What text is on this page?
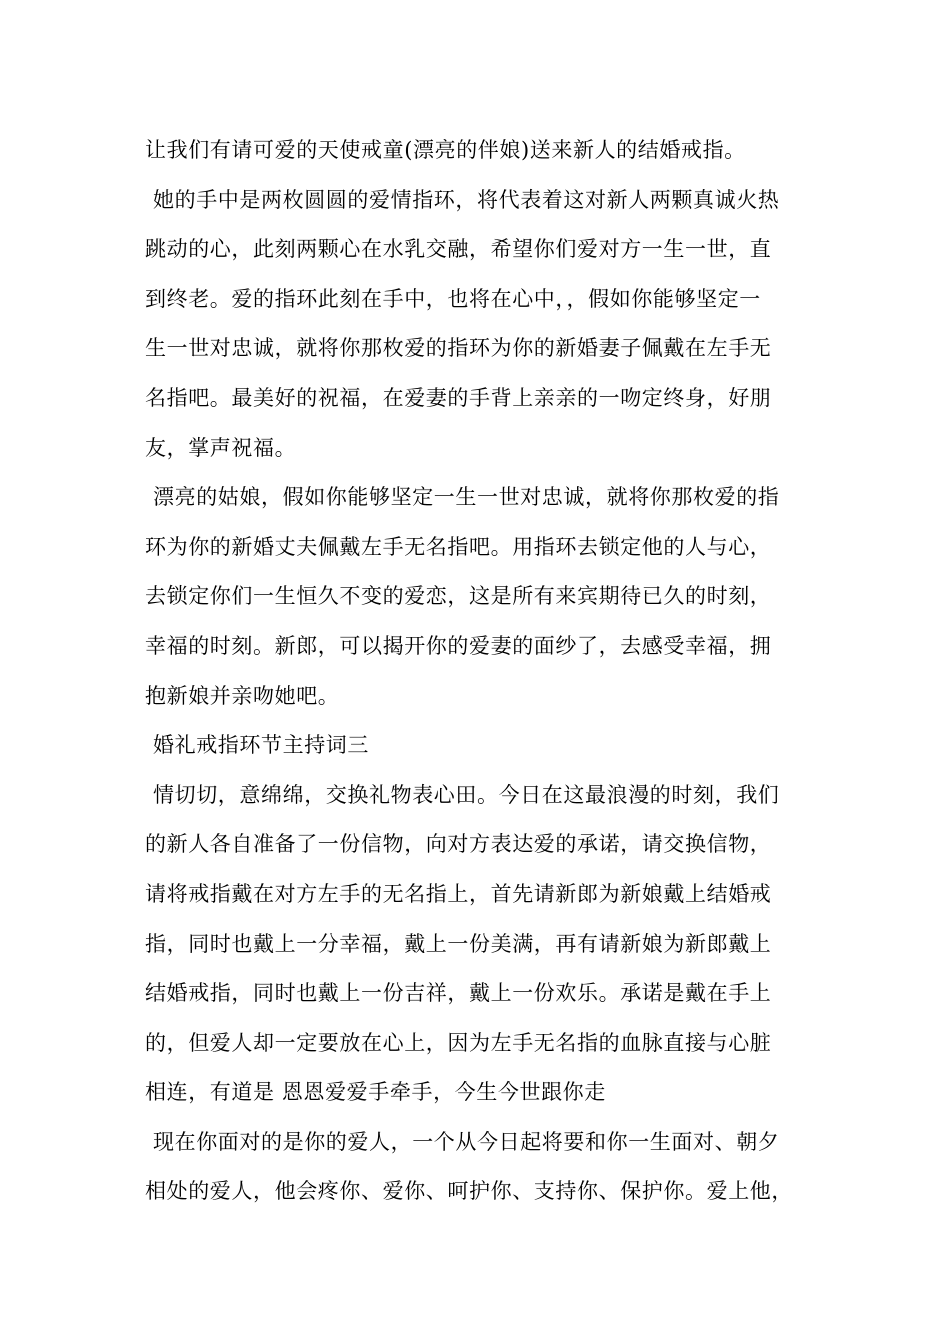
让我们有请可爱的天使戒童(漂亮的伴娘)送来新人的结婚戒指。
她的手中是两枚圆圆的爱情指环，将代表着这对新人两颗真诚火热
跳动的心，此刻两颗心在水乳交融，希望你们爱对方一生一世，直
到终老。爱的指环此刻在手中，也将在心中，，假如你能够坚定一
生一世对忠诚，就将你那枚爱的指环为你的新婚妻子佩戴在左手无
名指吧。最美好的祝福，在爱妻的手背上亲亲的一吻定终身，好朋
友，掌声祝福。
漂亮的姑娘，假如你能够坚定一生一世对忠诚，就将你那枚爱的指
环为你的新婚丈夫佩戴左手无名指吧。用指环去锁定他的人与心，
去锁定你们一生恒久不变的爱恋，这是所有来宾期待已久的时刻，
幸福的时刻。新郎，可以揭开你的爱妻的面纱了，去感受幸福，拥
抱新娘并亲吻她吧。
婚礼戒指环节主持词三
情切切，意绵绵，交换礼物表心田。今日在这最浪漫的时刻，我们
的新人各自准备了一份信物，向对方表达爱的承诺，请交换信物，
请将戒指戴在对方左手的无名指上，首先请新郎为新娘戴上结婚戒
指，同时也戴上一分幸福，戴上一份美满，再有请新娘为新郎戴上
结婚戒指，同时也戴上一份吉祥，戴上一份欢乐。承诺是戴在手上
的，但爱人却一定要放在心上，因为左手无名指的血脉直接与心脏
相连，有道是 恩恩爱爱手牵手，今生今世跟你走
现在你面对的是你的爱人，一个从今日起将要和你一生面对、朝夕
相处的爱人，他会疼你、爱你、呵护你、支持你、保护你。爱上他，
